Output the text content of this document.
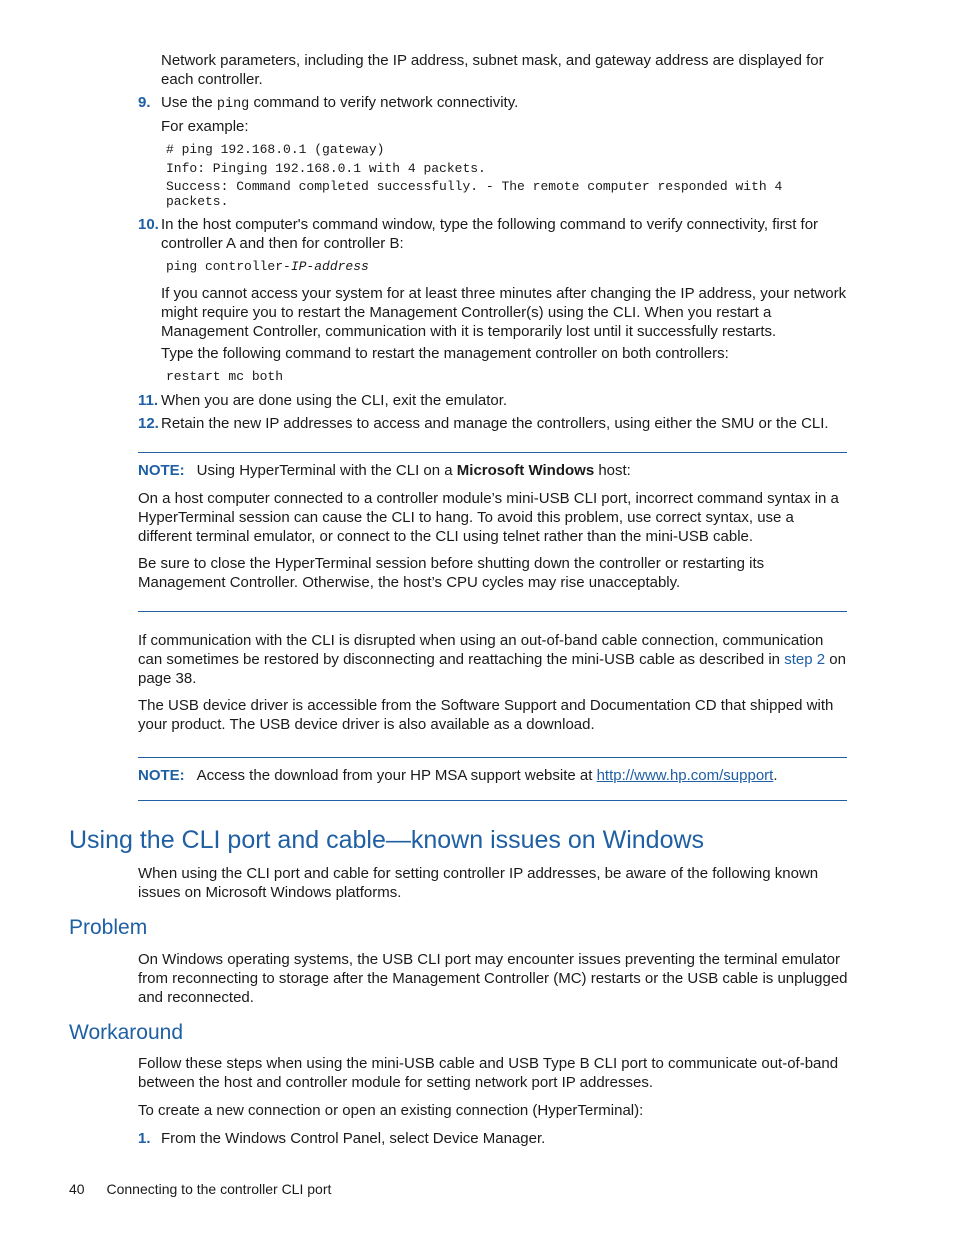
Network parameters, including the IP address, subnet mask, and gateway address are displayed for each controller.

9. Use the ping command to verify network connectivity.

For example:

# ping 192.168.0.1 (gateway)
Info: Pinging 192.168.0.1 with 4 packets.
Success: Command completed successfully. - The remote computer responded with 4
packets.
10. In the host computer's command window, type the following command to verify connectivity, first for controller A and then for controller B:

ping controller-IP-address

If you cannot access your system for at least three minutes after changing the IP address, your network might require you to restart the Management Controller(s) using the CLI. When you restart a Management Controller, communication with it is temporarily lost until it successfully restarts.

Type the following command to restart the management controller on both controllers:

restart mc both
11. When you are done using the CLI, exit the emulator.

12. Retain the new IP addresses to access and manage the controllers, using either the SMU or the CLI.

NOTE: Using HyperTerminal with the CLI on a Microsoft Windows host:

On a host computer connected to a controller module’s mini-USB CLI port, incorrect command syntax in a HyperTerminal session can cause the CLI to hang. To avoid this problem, use correct syntax, use a different terminal emulator, or connect to the CLI using telnet rather than the mini-USB cable.

Be sure to close the HyperTerminal session before shutting down the controller or restarting its Management Controller. Otherwise, the host’s CPU cycles may rise unacceptably.

If communication with the CLI is disrupted when using an out-of-band cable connection, communication can sometimes be restored by disconnecting and reattaching the mini-USB cable as described in step 2 on page 38.

The USB device driver is accessible from the Software Support and Documentation CD that shipped with your product. The USB device driver is also available as a download.

NOTE: Access the download from your HP MSA support website at http://www.hp.com/support.

Using the CLI port and cable—known issues on Windows

When using the CLI port and cable for setting controller IP addresses, be aware of the following known issues on Microsoft Windows platforms.

Problem

On Windows operating systems, the USB CLI port may encounter issues preventing the terminal emulator from reconnecting to storage after the Management Controller (MC) restarts or the USB cable is unplugged and reconnected.

Workaround

Follow these steps when using the mini-USB cable and USB Type B CLI port to communicate out-of-band between the host and controller module for setting network port IP addresses.

To create a new connection or open an existing connection (HyperTerminal):

1. From the Windows Control Panel, select Device Manager.

40 Connecting to the controller CLI port
